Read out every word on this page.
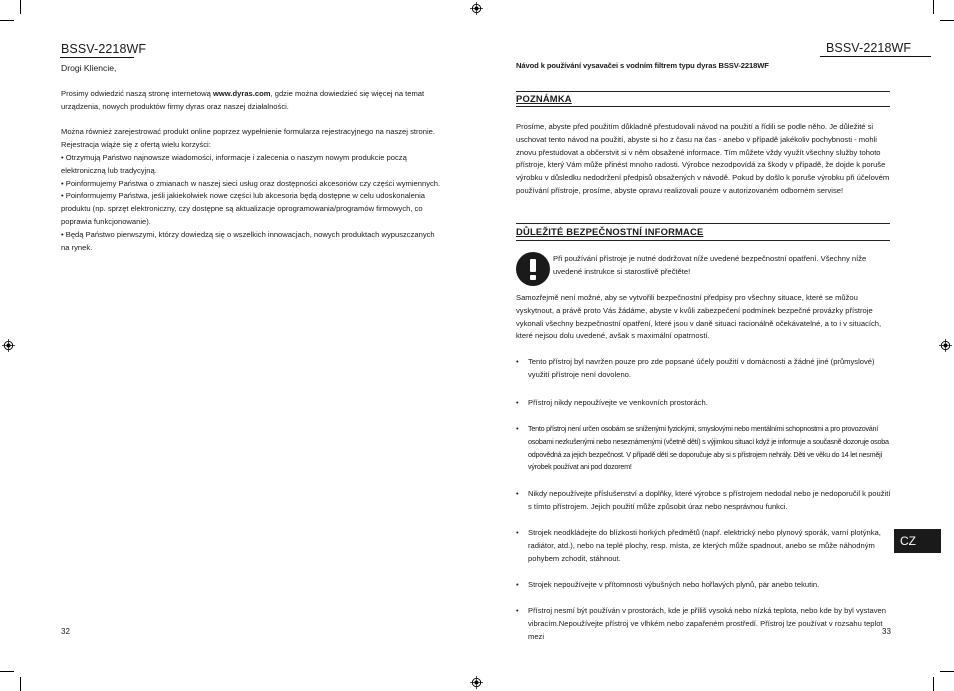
BSSV-2218WF
Drogi Kliencie,
Prosimy odwiedzić naszą stronę internetową www.dyras.com, gdzie można dowiedzieć się więcej na temat urządzenia, nowych produktów firmy dyras oraz naszej działalności.
Można również zarejestrować produkt online poprzez wypełnienie formularza rejestracyjnego na naszej stronie.
Rejestracja wiąże się z ofertą wielu korzyści:
• Otrzymują Państwo najnowsze wiadomości, informacje i zalecenia o naszym nowym produkcie począ elektroniczną lub tradycyjną.
• Poinformujemy Państwa o zmianach w naszej sieci usług oraz dostępności akcesoriów czy części wymiennych.
• Poinformujemy Państwa, jeśli jakiekolwiek nowe części lub akcesoria będą dostępne w celu udoskonalenia produktu (np. sprzęt elektroniczny, czy dostępne są aktualizacje oprogramowania/programów firmowych, co poprawia funkcjonowanie).
• Będą Państwo pierwszymi, którzy dowiedzą się o wszelkich innowacjach, nowych produktach wypuszczanych na rynek.
32
BSSV-2218WF
Návod k používání vysavačei s vodním filtrem typu dyras BSSV-2218WF
POZNÁMKA
Prosíme, abyste před použitím důkladně přestudovali návod na použití a řídili se podle něho. Je důležité si uschovat tento návod na použití, abyste si ho z času na čas - anebo v případě jakékoliv pochybnosti - mohli znovu přestudovat a občerstvit si v něm obsažené informace. Tím můžete vždy využít všechny služby tohoto přístroje, který Vám může přinést mnoho radosti. Výrobce nezodpovídá za škody v případě, že dojde k poruše výrobku v důsledku nedodržení předpisů obsažených v návodě. Pokud by došlo k poruše výrobku při účelovém používání přístroje, prosíme, abyste opravu realizovali pouze v autorizovaném odborném servise!
DŮLEŽITÉ BEZPEČNOSTNÍ INFORMACE
Při používání přístroje je nutné dodržovat níže uvedené bezpečnostní opatření. Všechny níže uvedené instrukce si starostlivě přečtěte!
Samozřejmě není možné, aby se vytvořili bezpečnostní předpisy pro všechny situace, které se můžou vyskytnout, a právě proto Vás žádáme, abyste v kvůli zabezpečení podmínek bezpečné provázky přístroje vykonali všechny bezpečnostní opatření, které jsou v daně situaci racionálně očekávatelné, a to i v situacích, které nejsou dolu uvedené, avšak s maximální opatrností.
• Tento přístroj byl navržen pouze pro zde popsané účely použití v domácnosti a žádné jiné (průmyslové) využití přístroje není dovoleno.
• Přístroj nikdy nepoužívejte ve venkovních prostorách.
• Tento přístroj není určen osobám se sníženými fyzickými, smyslovými nebo mentálními schopnostmi a pro provozování osobami nezkušenými nebo neseznámenými (včetně dětí) s výjimkou situací když je informuje a současně dozoruje osoba odpovědná za jejich bezpečnost. V případě dětí se doporučuje aby si s přístrojem nehrály. Děti ve věku do 14 let nesmějí výrobek používat ani pod dozorem!
• Nikdy nepoužívejte příslušenství a doplňky, které výrobce s přístrojem nedodal nebo je nedoporučil k použití s tímto přístrojem. Jejich použití může způsobit úraz nebo nesprávnou funkci.
• Strojek neodkládejte do blízkosti horkých předmětů (např. elektrický nebo plynový sporák, varní plotýnka, radiátor, atd.), nebo na teplé plochy, resp. místa, ze kterých může spadnout, anebo se může náhodným pohybem zchodit, stáhnout.
• Strojek nepoužívejte v přítomnosti výbušných nebo hořlavých plynů, pár anebo tekutin.
• Přístroj nesmí být používán v prostorách, kde je příliš vysoká nebo nízká teplota, nebo kde by byl vystaven vibracím.Nepoužívejte přístroj ve vlhkém nebo zapařeném prostředí. Přístroj lze používat v rozsahu teplot mezi
CZ
33
